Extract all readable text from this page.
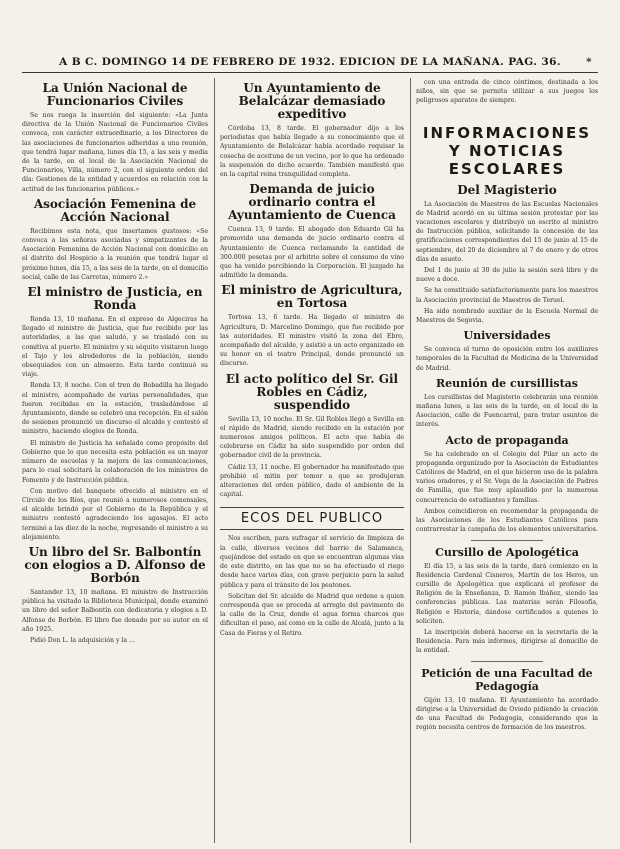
A B C. DOMINGO 14 DE FEBRERO DE 1932. EDICION DE LA MAÑANA. PAG. 36. *
La Unión Nacional de Funcionarios Civiles
Se nos ruega la inserción del siguiente: «La Junta directiva de la Unión Nacional de Funcionarios Civiles convoca, con carácter extraordinario, a los Directores de las asociaciones de funcionarios adheridas a una reunión, que tendrá lugar mañana, lunes día 15, a las seis y media de la tarde, en el local de la Asociación Nacional de Funcionarios, Villa, número 2, con el siguiente orden del día: Gestiones de la entidad y acuerdos en relación con la actitud de los funcionarios públicos.»
Asociación Femenina de Acción Nacional
Recibimos esta nota, que insertamos gustosos: «Se convoca a las señoras asociadas y simpatizantes de la Asociación Femenina de Acción Nacional con domicilio en el distrito del Hospicio a la reunión que tendrá lugar el próximo lunes, día 15, a las seis de la tarde, en el domicilio social, calle de las Carretas, número 2.»
El ministro de Justicia, en Ronda
Ronda 13, 10 mañana. En el expreso de Algeciras ha llegado el ministro de Justicia, que fue recibido por las autoridades, a las que saludó, y se trasladó con su comitiva al puerto. El ministro y su séquito visitaron luego el Tajo y los alrededores de la población, siendo obsequiados con un almuerzo. Esta tarde continuó su viaje.
Ronda 13, 8 noche. Con el tren de Bobadilla ha llegado el ministro, acompañado de varias personalidades, que fueron recibidas en la estación, trasladándose al Ayuntamiento, donde se celebró una recepción. En el salón de sesiones pronunció un discurso el alcalde y contestó el ministro, haciendo elogios de Ronda.
El ministro de Justicia ha señalado como propósito del Gobierno que lo que necesita esta población es un mayor número de escuelas y la mejora de las comunicaciones, para lo cual solicitará la colaboración de los ministros de Fomento y de Instrucción pública.
Con motivo del banquete ofrecido al ministro en el Círculo de los Ríos, que reunió a numerosos comensales, el alcalde brindó por el Gobierno de la República y el ministro contestó agradeciendo los agasajos. El acto terminó a las diez de la noche, regresando el ministro a su alojamiento.
Un libro del Sr. Balbontín con elogios a D. Alfonso de Borbón
Santander 13, 10 mañana. El ministro de Instrucción pública ha visitado la Biblioteca Municipal, donde examinó un libro del señor Balbontín con dedicatoria y elogios a D. Alfonso de Borbón. El libro fue donado por su autor en el año 1925.
Pidió Don L. la adquisición y la ...
Un Ayuntamiento de Belalcázar demasiado expeditivo
Córdoba 13, 8 tarde. El gobernador dijo a los periodistas que había llegado a su conocimiento que el Ayuntamiento de Belalcázar había acordado requisar la cosecha de aceituna de un vecino, por lo que ha ordenado la suspensión de dicho acuerdo. También manifestó que en la capital reina tranquilidad completa.
Demanda de juicio ordinario contra el Ayuntamiento de Cuenca
Cuenca 13, 9 tarde. El abogado don Eduardo Gil ha promovido una demanda de juicio ordinario contra el Ayuntamiento de Cuenca reclamando la cantidad de 300.000 pesetas por el arbitrio sobre el consumo de vino que ha venido percibiendo la Corporación. El juzgado ha admitido la demanda.
El ministro de Agricultura, en Tortosa
Tortosa 13, 6 tarde. Ha llegado el ministro de Agricultura, D. Marcelino Domingo, que fue recibido por las autoridades. El ministro visitó la zona del Ebro, acompañado del alcalde, y asistió a un acto organizado en su honor en el teatro Principal, donde pronunció un discurso.
El acto político del Sr. Gil Robles en Cádiz, suspendido
Sevilla 13, 10 noche. El Sr. Gil Robles llegó a Sevilla en el rápido de Madrid, siendo recibido en la estación por numerosos amigos políticos. El acto que había de celebrarse en Cádiz ha sido suspendido por orden del gobernador civil de la provincia.
Cádiz 13, 11 noche. El gobernador ha manifestado que prohibió el mitin por temor a que se produjeran alteraciones del orden público, dado el ambiente de la capital.
ECOS DEL PUBLICO
Nos escriben, para sufragar el servicio de limpieza de la calle, diversos vecinos del barrio de Salamanca, quejándose del estado en que se encuentran algunas vías de este distrito, en las que no se ha efectuado el riego desde hace varios días, con grave perjuicio para la salud pública y para el tránsito de los peatones.
Solicitan del Sr. alcalde de Madrid que ordene a quien corresponda que se proceda al arreglo del pavimento de la calle de la Cruz, donde el agua forma charcos que dificultan el paso, así como en la calle de Alcalá, junto a la Casa de Fieras y el Retiro.
con una entrada de cinco céntimos, destinada a los niños, sin que se permita utilizar a sus juegos los peligrosos aparatos de siempre.
INFORMACIONES Y NOTICIAS ESCOLARES
Del Magisterio
La Asociación de Maestros de las Escuelas Nacionales de Madrid acordó en su última sesión protestar por las vacaciones escolares y distribuyó un escrito al ministro de Instrucción pública, solicitando la concesión de las gratificaciones correspondientes del 15 de junio al 15 de septiembre, del 20 de diciembre al 7 de enero y de otros días de asueto.
Del 1 de junio al 30 de julio la sesión será libre y de nueve a doce.
Se ha constituido satisfactoriamente para los maestros la Asociación provincial de Maestros de Teruel.
Ha sido nombrado auxiliar de la Escuela Normal de Maestros de Segovia.
Universidades
Se convoca el turno de oposición entre los auxiliares temporales de la Facultad de Medicina de la Universidad de Madrid.
Reunión de cursillistas
Los cursillistas del Magisterio celebrarán una reunión mañana lunes, a las seis de la tarde, en el local de la Asociación, calle de Fuencarral, para tratar asuntos de interés.
Acto de propaganda
Se ha celebrado en el Colegio del Pilar un acto de propaganda organizado por la Asociación de Estudiantes Católicos de Madrid, en el que hicieron uso de la palabra varios oradores, y el Sr. Vega de la Asociación de Padres de Familia, que fue muy aplaudido por la numerosa concurrencia de estudiantes y familias.
Ambos coincidieron en recomendar la propaganda de las Asociaciones de los Estudiantes Católicos para contrarrestar la campaña de los elementos universitarios.
Cursillo de Apologética
El día 15, a las seis de la tarde, dará comienzo en la Residencia Cardenal Cisneros, Martín de los Heros, un cursillo de Apologética que explicará el profesor de Religión de la Enseñanza, D. Ramón Ibáñez, siendo las conferencias públicas. Las materias serán Filosofía, Religión e Historia, dándose certificados a quienes lo soliciten.
La inscripción deberá hacerse en la secretaría de la Residencia. Para más informes, dirigirse al domicilio de la entidad.
Petición de una Facultad de Pedagogía
Gijón 13, 10 mañana. El Ayuntamiento ha acordado dirigirse a la Universidad de Oviedo pidiendo la creación de una Facultad de Pedagogía, considerando que la región necesita centros de formación de los maestros.
